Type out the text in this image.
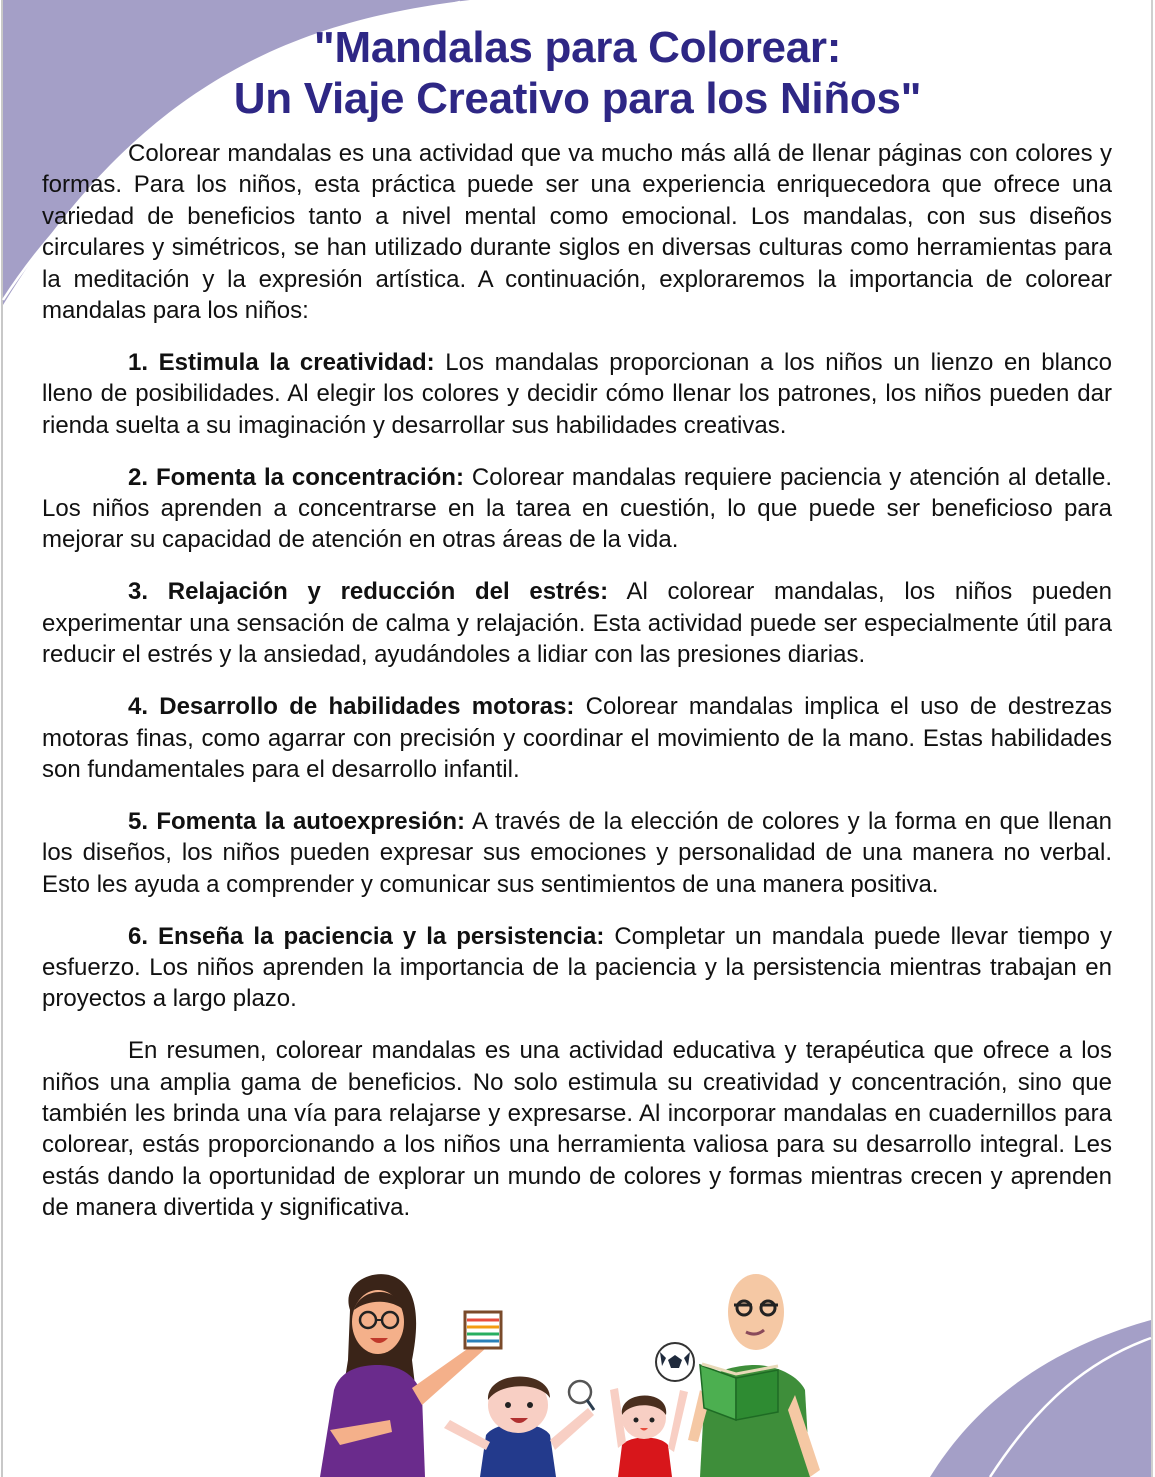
"Mandalas para Colorear:
Un Viaje Creativo para los Niños"

Colorear mandalas es una actividad que va mucho más allá de llenar páginas con colores y formas. Para los niños, esta práctica puede ser una experiencia enriquecedora que ofrece una variedad de beneficios tanto a nivel mental como emocional. Los mandalas, con sus diseños circulares y simétricos, se han utilizado durante siglos en diversas culturas como herramientas para la meditación y la expresión artística. A continuación, exploraremos la importancia de colorear mandalas para los niños:

1. Estimula la creatividad: Los mandalas proporcionan a los niños un lienzo en blanco lleno de posibilidades. Al elegir los colores y decidir cómo llenar los patrones, los niños pueden dar rienda suelta a su imaginación y desarrollar sus habilidades creativas.

2. Fomenta la concentración: Colorear mandalas requiere paciencia y atención al detalle. Los niños aprenden a concentrarse en la tarea en cuestión, lo que puede ser beneficioso para mejorar su capacidad de atención en otras áreas de la vida.

3. Relajación y reducción del estrés: Al colorear mandalas, los niños pueden experimentar una sensación de calma y relajación. Esta actividad puede ser especialmente útil para reducir el estrés y la ansiedad, ayudándoles a lidiar con las presiones diarias.

4. Desarrollo de habilidades motoras: Colorear mandalas implica el uso de destrezas motoras finas, como agarrar con precisión y coordinar el movimiento de la mano. Estas habilidades son fundamentales para el desarrollo infantil.

5. Fomenta la autoexpresión: A través de la elección de colores y la forma en que llenan los diseños, los niños pueden expresar sus emociones y personalidad de una manera no verbal. Esto les ayuda a comprender y comunicar sus sentimientos de una manera positiva.

6. Enseña la paciencia y la persistencia: Completar un mandala puede llevar tiempo y esfuerzo. Los niños aprenden la importancia de la paciencia y la persistencia mientras trabajan en proyectos a largo plazo.

En resumen, colorear mandalas es una actividad educativa y terapéutica que ofrece a los niños una amplia gama de beneficios. No solo estimula su creatividad y concentración, sino que también les brinda una vía para relajarse y expresarse. Al incorporar mandalas en cuadernillos para colorear, estás proporcionando a los niños una herramienta valiosa para su desarrollo integral. Les estás dando la oportunidad de explorar un mundo de colores y formas mientras crecen y aprenden de manera divertida y significativa.
